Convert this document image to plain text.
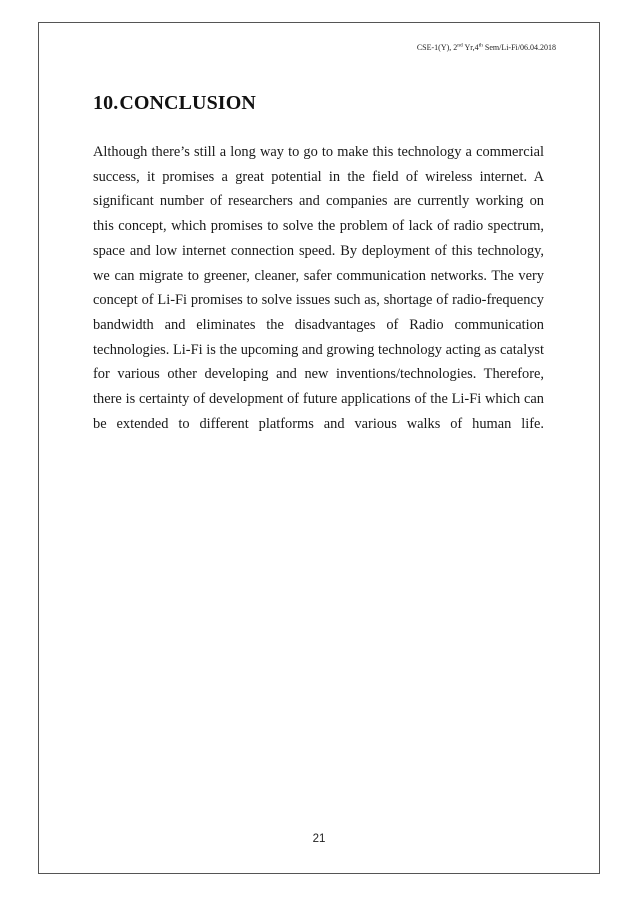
CSE-1(Y), 2nd Yr,4th Sem/Li-Fi/06.04.2018
10.CONCLUSION

Although there’s still a long way to go to make this technology a commercial success, it promises a great potential in the field of wireless internet. A significant number of researchers and companies are currently working on this concept, which promises to solve the problem of lack of radio spectrum, space and low internet connection speed. By deployment of this technology, we can migrate to greener, cleaner, safer communication networks. The very concept of Li-Fi promises to solve issues such as, shortage of radio-frequency bandwidth and eliminates the disadvantages of Radio communication technologies. Li-Fi is the upcoming and growing technology acting as catalyst for various other developing and new inventions/technologies. Therefore, there is certainty of development of future applications of the Li-Fi which can be extended to different platforms and various walks of human life.

21
